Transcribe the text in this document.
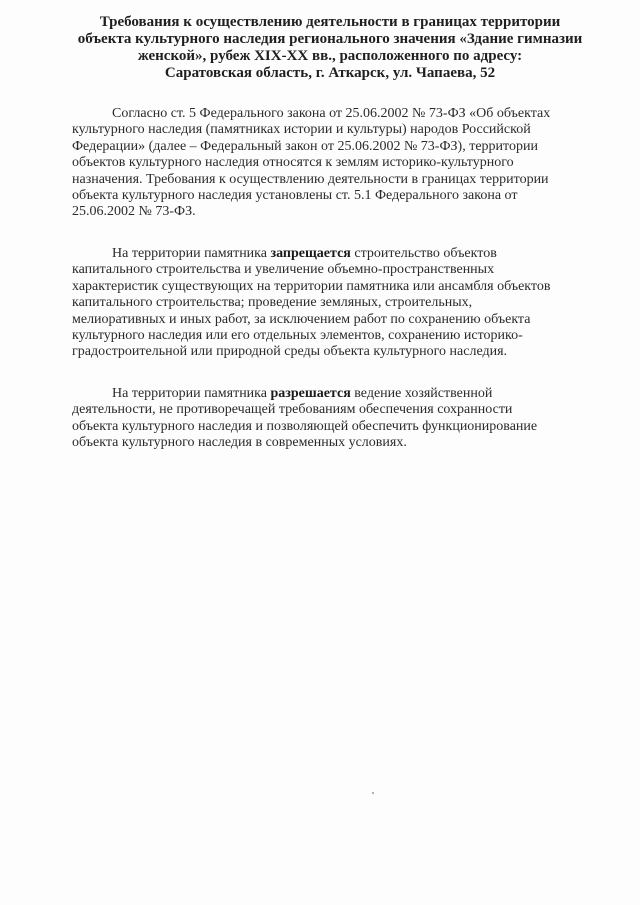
Требования к осуществлению деятельности в границах территории
объекта культурного наследия регионального значения «Здание гимназии
женской», рубеж XIX-XX вв., расположенного по адресу:
Саратовская область, г. Аткарск, ул. Чапаева, 52
Согласно ст. 5 Федерального закона от 25.06.2002 № 73-ФЗ «Об объектах
культурного наследия (памятниках истории и культуры) народов Российской
Федерации» (далее – Федеральный закон от 25.06.2002 № 73-ФЗ), территории
объектов культурного наследия относятся к землям историко-культурного
назначения. Требования к осуществлению деятельности в границах территории
объекта культурного наследия установлены ст. 5.1 Федерального закона от
25.06.2002 № 73-ФЗ.
На территории памятника запрещается строительство объектов
капитального строительства и увеличение объемно-пространственных
характеристик существующих на территории памятника или ансамбля объектов
капитального строительства; проведение земляных, строительных,
мелиоративных и иных работ, за исключением работ по сохранению объекта
культурного наследия или его отдельных элементов, сохранению историко-
градостроительной или природной среды объекта культурного наследия.
На территории памятника разрешается ведение хозяйственной
деятельности, не противоречащей требованиям обеспечения сохранности
объекта культурного наследия и позволяющей обеспечить функционирование
объекта культурного наследия в современных условиях.
